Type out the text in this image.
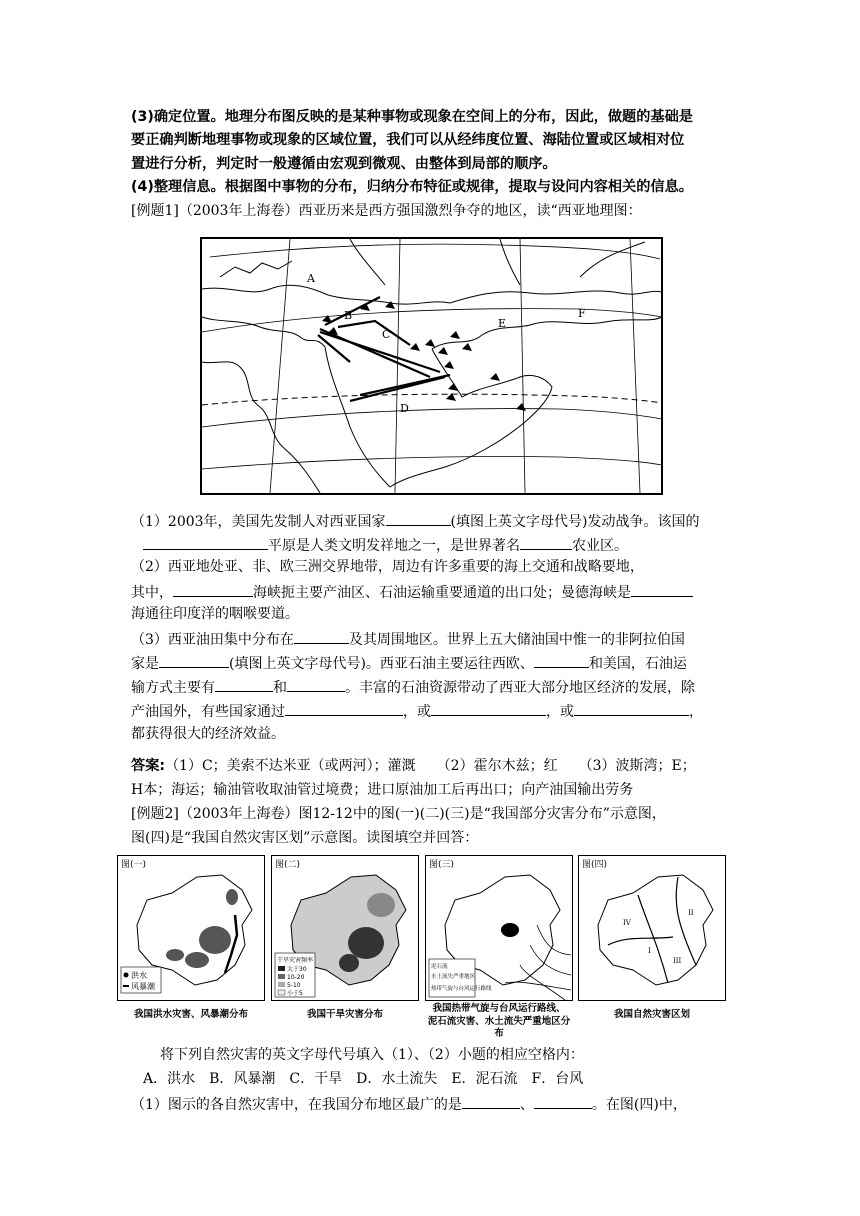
(3)确定位置。地理分布图反映的是某种事物或现象在空间上的分布，因此，做题的基础是
要正确判断地理事物或现象的区域位置，我们可以从经纬度位置、海陆位置或区域相对位
置进行分析，判定时一般遵循由宏观到微观、由整体到局部的顺序。
(4)整理信息。根据图中事物的分布，归纳分布特征或规律，提取与设问内容相关的信息。
[例题1]（2003年上海卷）西亚历来是西方强国激烈争夺的地区，读“西亚地理图：
A
B
C
D
E
F
（1）2003年，美国先发制人对西亚国家	(填图上英文字母代号)发动战争。该国的
平原是人类文明发祥地之一，是世界著名	农业区。
（2）西亚地处亚、非、欧三洲交界地带，周边有许多重要的海上交通和战略要地，
其中，	海峡扼主要产油区、石油运输重要通道的出口处；曼德海峡是
海通往印度洋的咽喉要道。
（3）西亚油田集中分布在	及其周围地区。世界上五大储油国中惟一的非阿拉伯国
家是	(填图上英文字母代号)。西亚石油主要运往西欧、	和美国，石油运
输方式主要有	和	。丰富的石油资源带动了西亚大部分地区经济的发展，除
产油国外，有些国家通过	，或	，或	，
都获得很大的经济效益。
答案:（1）C；美索不达米亚（或两河）；灌溉　　（2）霍尔木兹；红　　（3）波斯湾；E；
H本；海运；输油管收取油管过境费；进口原油加工后再出口；向产油国输出劳务
[例题2]（2003年上海卷）图12-12中的图(一)(二)(三)是“我国部分灾害分布”示意图，
图(四)是“我国自然灾害区划”示意图。读图填空并回答：
图(一)
洪水
风暴潮
我国洪水灾害、风暴潮分布
图(二)
干旱灾害频率
大于30
10-20
5-10
小于5
我国干旱灾害分布
图(三)
泥石流
水土流失严重地区
热带气旋与台风运行路线
我国热带气旋与台风运行路线、
泥石流灾害、水土流失严重地区分布
图(四)
I
II
III
IV
我国自然灾害区划
将下列自然灾害的英文字母代号填入（1）、（2）小题的相应空格内：
A．洪水　B．风暴潮　C．干旱　D．水土流失　E．泥石流　F．台风
（1）图示的各自然灾害中，在我国分布地区最广的是	、	。在图(四)中，
